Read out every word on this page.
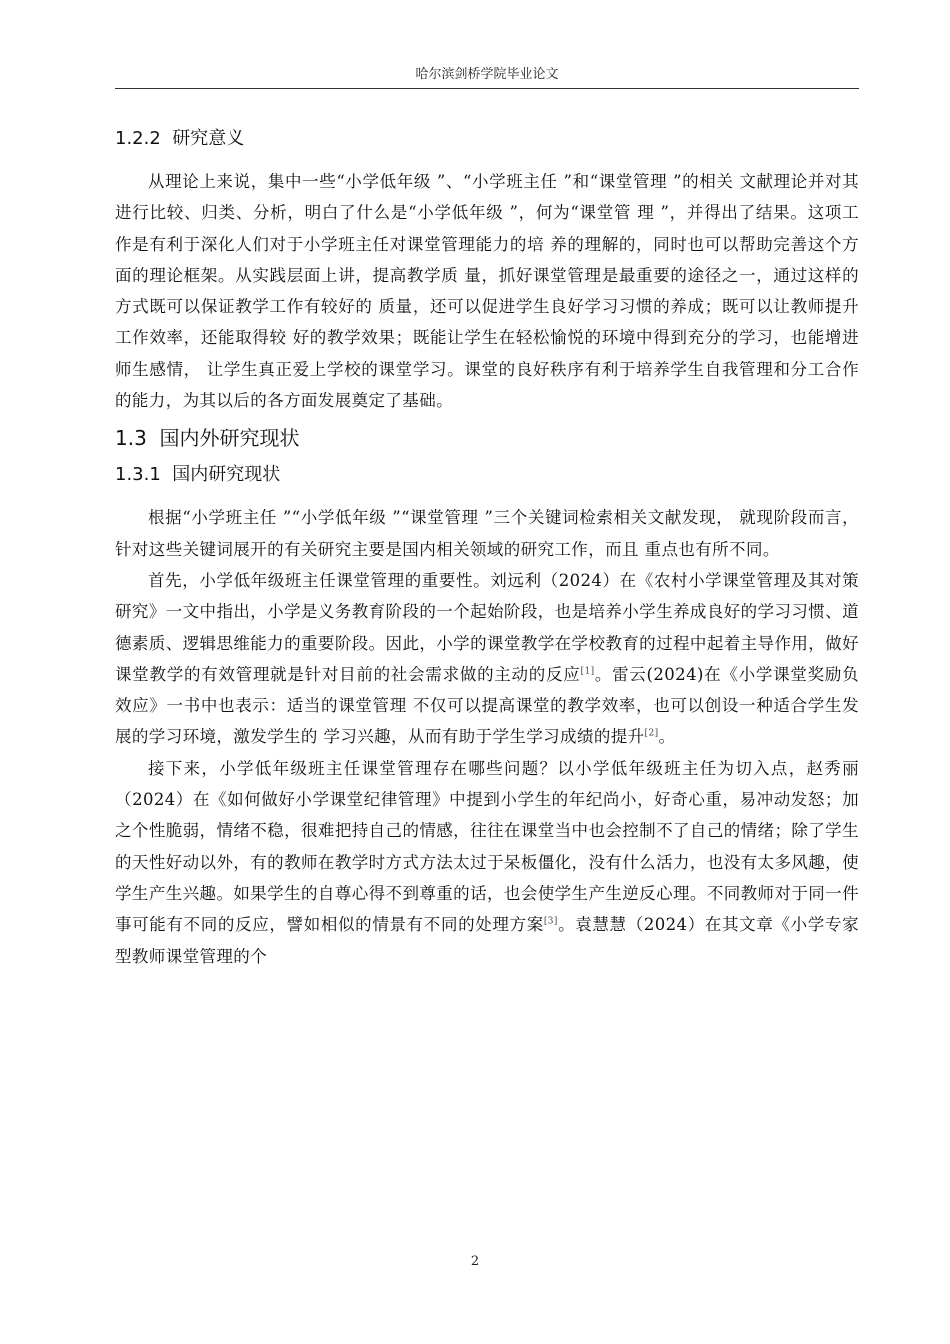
哈尔滨剑桥学院毕业论文
1.2.2 研究意义

从理论上来说，集中一些“小学低年级 ”、“小学班主任 ”和“课堂管理 ”的相关 文献理论并对其进行比较、归类、分析，明白了什么是“小学低年级 ”，何为“课堂管 理 ”，并得出了结果。这项工作是有利于深化人们对于小学班主任对课堂管理能力的培 养的理解的，同时也可以帮助完善这个方面的理论框架。从实践层面上讲，提高教学质 量，抓好课堂管理是最重要的途径之一，通过这样的方式既可以保证教学工作有较好的 质量，还可以促进学生良好学习习惯的养成；既可以让教师提升工作效率，还能取得较 好的教学效果；既能让学生在轻松愉悦的环境中得到充分的学习，也能增进师生感情， 让学生真正爱上学校的课堂学习。课堂的良好秩序有利于培养学生自我管理和分工合作 的能力，为其以后的各方面发展奠定了基础。

1.3 国内外研究现状
1.3.1 国内研究现状

根据“小学班主任 ”“小学低年级 ”“课堂管理 ”三个关键词检索相关文献发现， 就现阶段而言，针对这些关键词展开的有关研究主要是国内相关领域的研究工作，而且 重点也有所不同。

首先，小学低年级班主任课堂管理的重要性。刘远利（2024）在《农村小学课堂管理及其对策研究》一文中指出，小学是义务教育阶段的一个起始阶段，也是培养小学生养成良好的学习习惯、道德素质、逻辑思维能力的重要阶段。因此，小学的课堂教学在学校教育的过程中起着主导作用，做好课堂教学的有效管理就是针对目前的社会需求做的主动的反应[1]。雷云(2024)在《小学课堂奖励负效应》一书中也表示：适当的课堂管理 不仅可以提高课堂的教学效率，也可以创设一种适合学生发展的学习环境，激发学生的 学习兴趣，从而有助于学生学习成绩的提升[2]。

接下来，小学低年级班主任课堂管理存在哪些问题？以小学低年级班主任为切入点，赵秀丽（2024）在《如何做好小学课堂纪律管理》中提到小学生的年纪尚小，好奇心重，易冲动发怒；加之个性脆弱，情绪不稳，很难把持自己的情感，往往在课堂当中也会控制不了自己的情绪；除了学生的天性好动以外，有的教师在教学时方式方法太过于呆板僵化，没有什么活力，也没有太多风趣，使学生产生兴趣。如果学生的自尊心得不到尊重的话，也会使学生产生逆反心理。不同教师对于同一件事可能有不同的反应，譬如相似的情景有不同的处理方案[3]。袁慧慧（2024）在其文章《小学专家型教师课堂管理的个

2
